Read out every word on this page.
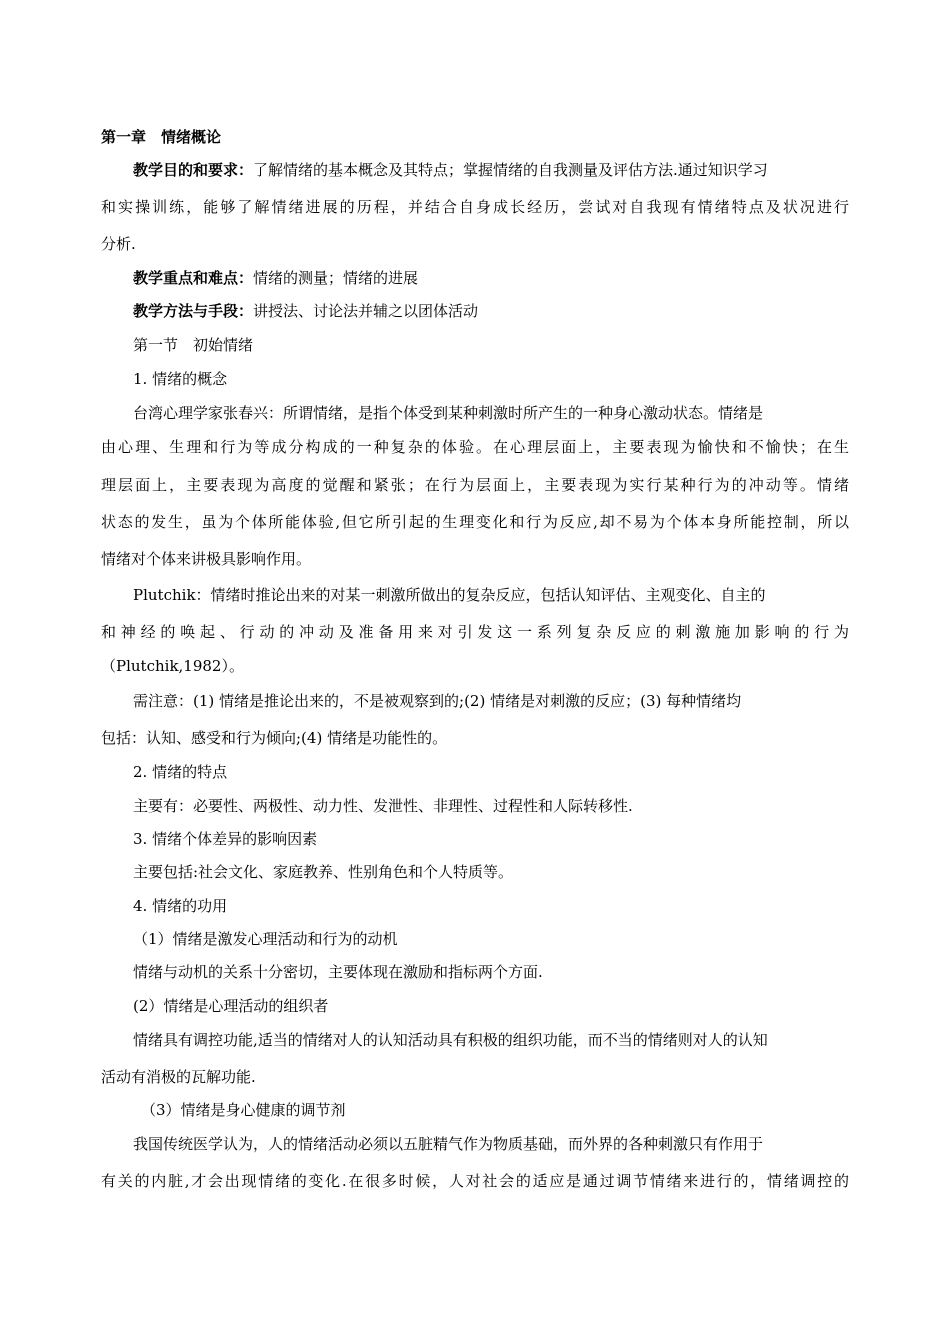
第一章　情绪概论
教学目的和要求：了解情绪的基本概念及其特点；掌握情绪的自我测量及评估方法.通过知识学习
和实操训练，能够了解情绪进展的历程，并结合自身成长经历，尝试对自我现有情绪特点及状况进行
分析.
教学重点和难点：情绪的测量；情绪的进展
教学方法与手段：讲授法、讨论法并辅之以团体活动
第一节　初始情绪
1. 情绪的概念
台湾心理学家张春兴：所谓情绪，是指个体受到某种刺激时所产生的一种身心激动状态。情绪是
由心理、生理和行为等成分构成的一种复杂的体验。在心理层面上，主要表现为愉快和不愉快；在生
理层面上，主要表现为高度的觉醒和紧张；在行为层面上，主要表现为实行某种行为的冲动等。情绪
状态的发生，虽为个体所能体验,但它所引起的生理变化和行为反应,却不易为个体本身所能控制，所以
情绪对个体来讲极具影响作用。
Plutchik：情绪时推论出来的对某一刺激所做出的复杂反应，包括认知评估、主观变化、自主的
和神经的唤起、行动的冲动及准备用来对引发这一系列复杂反应的刺激施加影响的行为
（Plutchik,1982）。
需注意：(1) 情绪是推论出来的，不是被观察到的;(2) 情绪是对刺激的反应；(3) 每种情绪均
包括：认知、感受和行为倾向;(4) 情绪是功能性的。
2. 情绪的特点
主要有：必要性、两极性、动力性、发泄性、非理性、过程性和人际转移性.
3. 情绪个体差异的影响因素
主要包括:社会文化、家庭教养、性别角色和个人特质等。
4. 情绪的功用
（1）情绪是激发心理活动和行为的动机
情绪与动机的关系十分密切，主要体现在激励和指标两个方面.
(2）情绪是心理活动的组织者
情绪具有调控功能,适当的情绪对人的认知活动具有积极的组织功能，而不当的情绪则对人的认知
活动有消极的瓦解功能.
（3）情绪是身心健康的调节剂
我国传统医学认为，人的情绪活动必须以五脏精气作为物质基础，而外界的各种刺激只有作用于
有关的内脏,才会出现情绪的变化.在很多时候，人对社会的适应是通过调节情绪来进行的，情绪调控的
